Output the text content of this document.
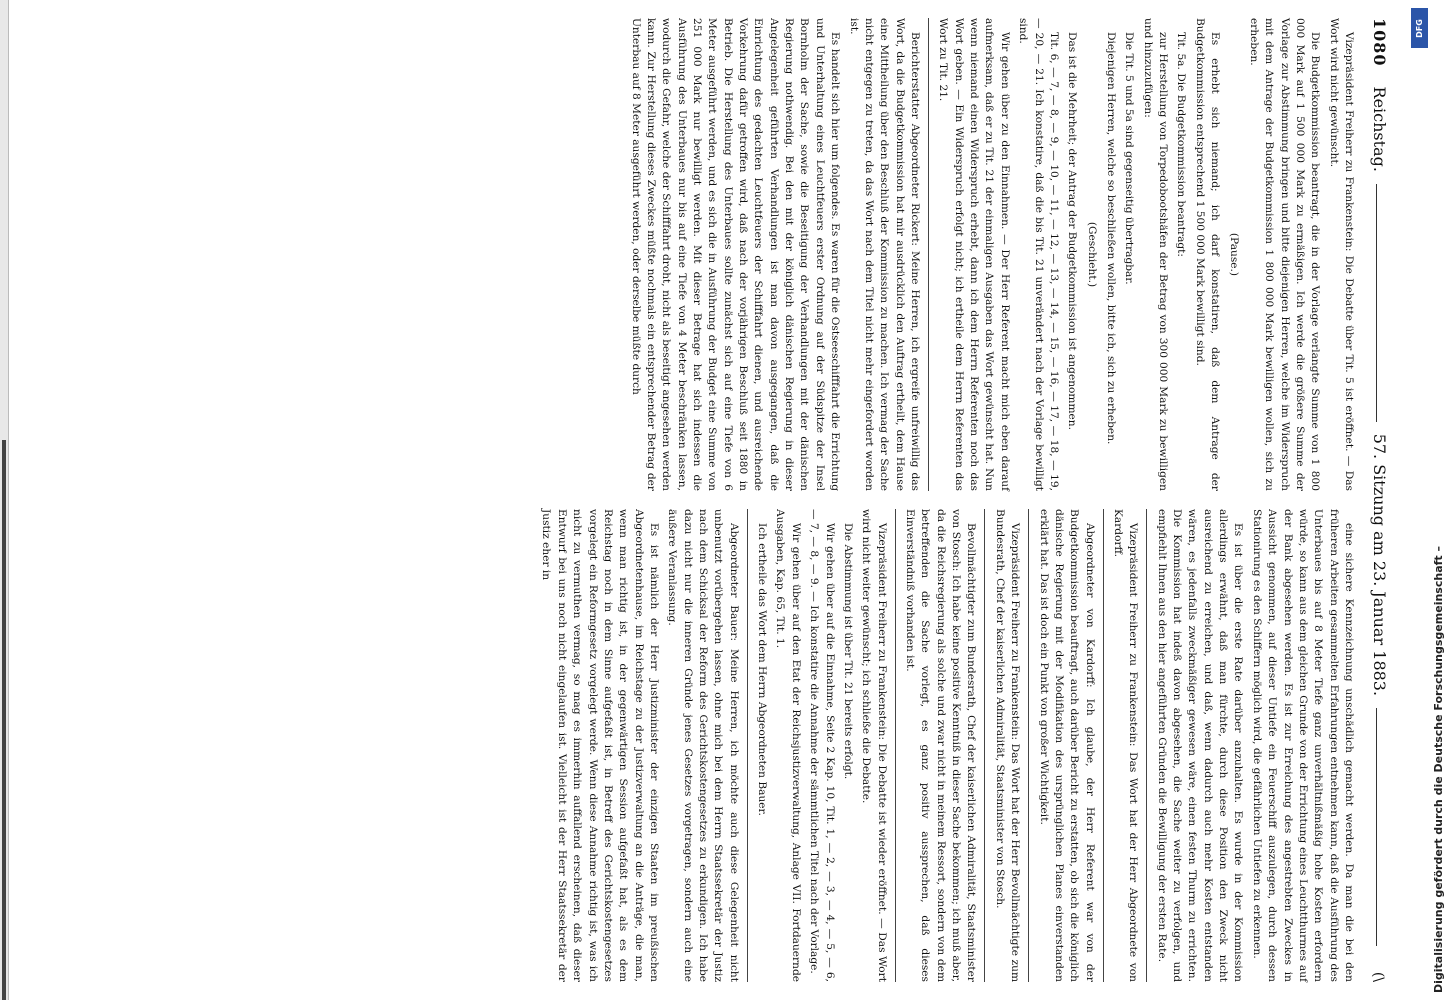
1080
Reichstag.
57. Sitzung am 23. Januar 1883.
(\

Vizepräsident Freiherr zu Frankenstein: Die Debatte über Tit. 5 ist eröffnet. — Das Wort wird nicht gewünscht.

Die Budgetkommission beantragt, die in der Vorlage verlangte Summe von 1 800 000 Mark auf 1 500 000 Mark zu ermäßigen. Ich werde die größere Summe der Vorlage zur Abstimmung bringen und bitte diejenigen Herren, welche im Widerspruch mit dem Antrage der Budgetkommission 1 800 000 Mark bewilligen wollen, sich zu erheben.

(Pause.)

Es erhebt sich niemand; ich darf konstatiren, daß dem Antrage der Budgetkommission entsprechend 1 500 000 Mark bewilligt sind.

Tit. 5a. Die Budgetkommission beantragt:

zur Herstellung von Torpedobootshäfen der Betrag von 300 000 Mark zu bewilligen und hinzuzufügen:

Die Tit. 5 und 5a sind gegenseitig übertragbar.

Diejenigen Herren, welche so beschließen wollen, bitte ich, sich zu erheben.

(Geschieht.)

Das ist die Mehrheit; der Antrag der Budgetkommission ist angenommen.

Tit. 6, — 7, — 8, — 9, — 10, — 11, — 12, — 13, — 14, — 15, — 16, — 17, — 18, — 19, — 20, — 21. Ich konstatire, daß die bis Tit. 21 unverändert nach der Vorlage bewilligt sind.

Wir gehen über zu den Einnahmen. — Der Herr Referent macht mich eben darauf aufmerksam, daß er zu Tit. 21 der einmaligen Ausgaben das Wort gewünscht hat. Nun wenn niemand einen Widerspruch erhebt, dann ich dem Herrn Referenten noch das Wort geben. — Ein Widerspruch erfolgt nicht; ich ertheile dem Herrn Referenten das Wort zu Tit. 21.

Berichterstatter Abgeordneter Rickert: Meine Herren, ich ergreife unfreiwillig das Wort, da die Budgetkommission hat mir ausdrücklich den Auftrag ertheilt, dem Hause eine Mittheilung über den Beschluß der Kommission zu machen. Ich vermag der Sache nicht entgegen zu treten, da das Wort nach dem Titel nicht mehr eingefordert worden ist.

Es handelt sich hier um folgendes. Es waren für die Ostseeschifffahrt die Errichtung und Unterhaltung eines Leuchtfeuers erster Ordnung auf der Südspitze der Insel Bornholm der Sache, sowie die Beseitigung der Verhandlungen mit der dänischen Regierung nothwendig. Bei den mit der königlich dänischen Regierung in dieser Angelegenheit geführten Verhandlungen ist man davon ausgegangen, daß die Einrichtung des gedachten Leuchtfeuers der Schifffahrt dienen, und ausreichende Vorkehrung dafür getroffen wird, daß nach der vorjährigen Beschluß seit 1880 in Betrieb. Die Herstellung des Unterbaues sollte zunächst sich auf eine Tiefe von 6 Meter ausgeführt werden, und es sich die in Ausführung der Budget eine Summe von 251 000 Mark nur bewilligt werden. Mit dieser Betrage hat sich indessen die Ausführung des Unterbaues nur bis auf eine Tiefe von 4 Meter beschränken lassen, wodurch die Gefahr, welche der Schifffahrt droht, nicht als beseitigt angesehen werden kann. Zur Herstellung dieses Zweckes müßte nochmals ein entsprechender Betrag der Unterbau auf 8 Meter ausgeführt werden, oder derselbe müßte durch

eine sichere Kennzeichnung unschädlich gemacht werden. Da man die bei den früheren Arbeiten gesammelten Erfahrungen entnehmen kann, daß die Ausführung des Unterbaues bis auf 8 Meter Tiefe ganz unverhältnißmäßig hohe Kosten erfordern würde, so kann aus dem gleichen Grunde von der Errichtung eines Leuchtthurmes auf der Bank abgesehen werden. Es ist zur Erreichung des angestrebten Zweckes in Aussicht genommen, auf dieser Untiefe ein Feuerschiff auszulegen, durch dessen Stationirung es den Schiffern möglich wird, die gefährlichen Untiefen zu erkennen.

Es ist über die erste Rate darüber anzuhalten. Es wurde in der Kommission allerdings erwähnt, daß man fürchte, durch diese Position den Zweck nicht ausreichend zu erreichen, und daß, wenn dadurch auch mehr Kosten entstanden wären, es jedenfalls zweckmäßiger gewesen wäre, einen festen Thurm zu errichten. Die Kommission hat indeß davon abgesehen, die Sache weiter zu verfolgen, und empfiehlt Ihnen aus den hier angeführten Gründen die Bewilligung der ersten Rate.

Vizepräsident Freiherr zu Frankenstein: Das Wort hat der Herr Abgeordnete von Kardorff.

Abgeordneter von Kardorff: Ich glaube, der Herr Referent war von der Budgetkommission beauftragt, auch darüber Bericht zu erstatten, ob sich die königlich dänische Regierung mit der Modifikation des ursprünglichen Planes einverstanden erklärt hat. Das ist doch ein Punkt von großer Wichtigkeit.

Vizepräsident Freiherr zu Frankenstein: Das Wort hat der Herr Bevollmächtigte zum Bundesrath, Chef der kaiserlichen Admiralität, Staatsminister von Stosch.

Bevollmächtigter zum Bundesrath, Chef der kaiserlichen Admiralität, Staatsminister von Stosch: Ich habe keine positive Kenntniß in dieser Sache bekommen; ich muß aber, da die Reichsregierung als solche und zwar nicht in meinem Ressort, sondern von dem betreffenden die Sache vorlegt, es ganz positiv aussprechen, daß dieses Einverständniß vorhanden ist.

Vizepräsident Freiherr zu Frankenstein: Die Debatte ist wieder eröffnet. — Das Wort wird nicht weiter gewünscht; ich schließe die Debatte.

Die Abstimmung ist über Tit. 21 bereits erfolgt.

Wir gehen über auf die Einnahme, Seite 2 Kap. 10, Tit. 1, — 2, — 3, — 4, — 5, — 6, — 7, — 8, — 9. — Ich konstatire die Annahme der sämmtlichen Titel nach der Vorlage.

Wir gehen über auf den Etat der Reichsjustizverwaltung, Anlage VII. Fortdauernde Ausgaben, Kap. 65, Tit. 1.

Ich ertheile das Wort dem Herrn Abgeordneten Bauer.

Abgeordneter Bauer: Meine Herren, ich möchte auch diese Gelegenheit nicht unbenutzt vorübergehen lassen, ohne mich bei dem Herrn Staatssekretär der Justiz nach dem Schicksal der Reform des Gerichtskostengesetzes zu erkundigen. Ich habe dazu nicht nur die inneren Gründe jenes Gesetzes vorgetragen, sondern auch eine äußere Veranlassung.

Es ist nämlich der Herr Justizminister der einzigen Staaten im preußischen Abgeordnetenhause, im Reichstage zu der Justizverwaltung an die Anträge, die man, wenn man richtig ist, in der gegenwärtigen Session aufgefaßt hat, als es dem Reichstag noch in dem Sinne aufgefaßt ist, in Betreff des Gerichtskostengesetzes vorgelegt ein Reformgesetz vorgelegt werde. Wenn diese Annahme richtig ist, was ich nicht zu vermuthen vermag, so mag es immerhin auffallend erscheinen, daß dieser Entwurf bei uns noch nicht eingelaufen ist. Vielleicht ist der Herr Staatssekretär der Justiz eher in

Digitalisierung gefördert durch die Deutsche Forschungsgemeinschaft –
DFG
